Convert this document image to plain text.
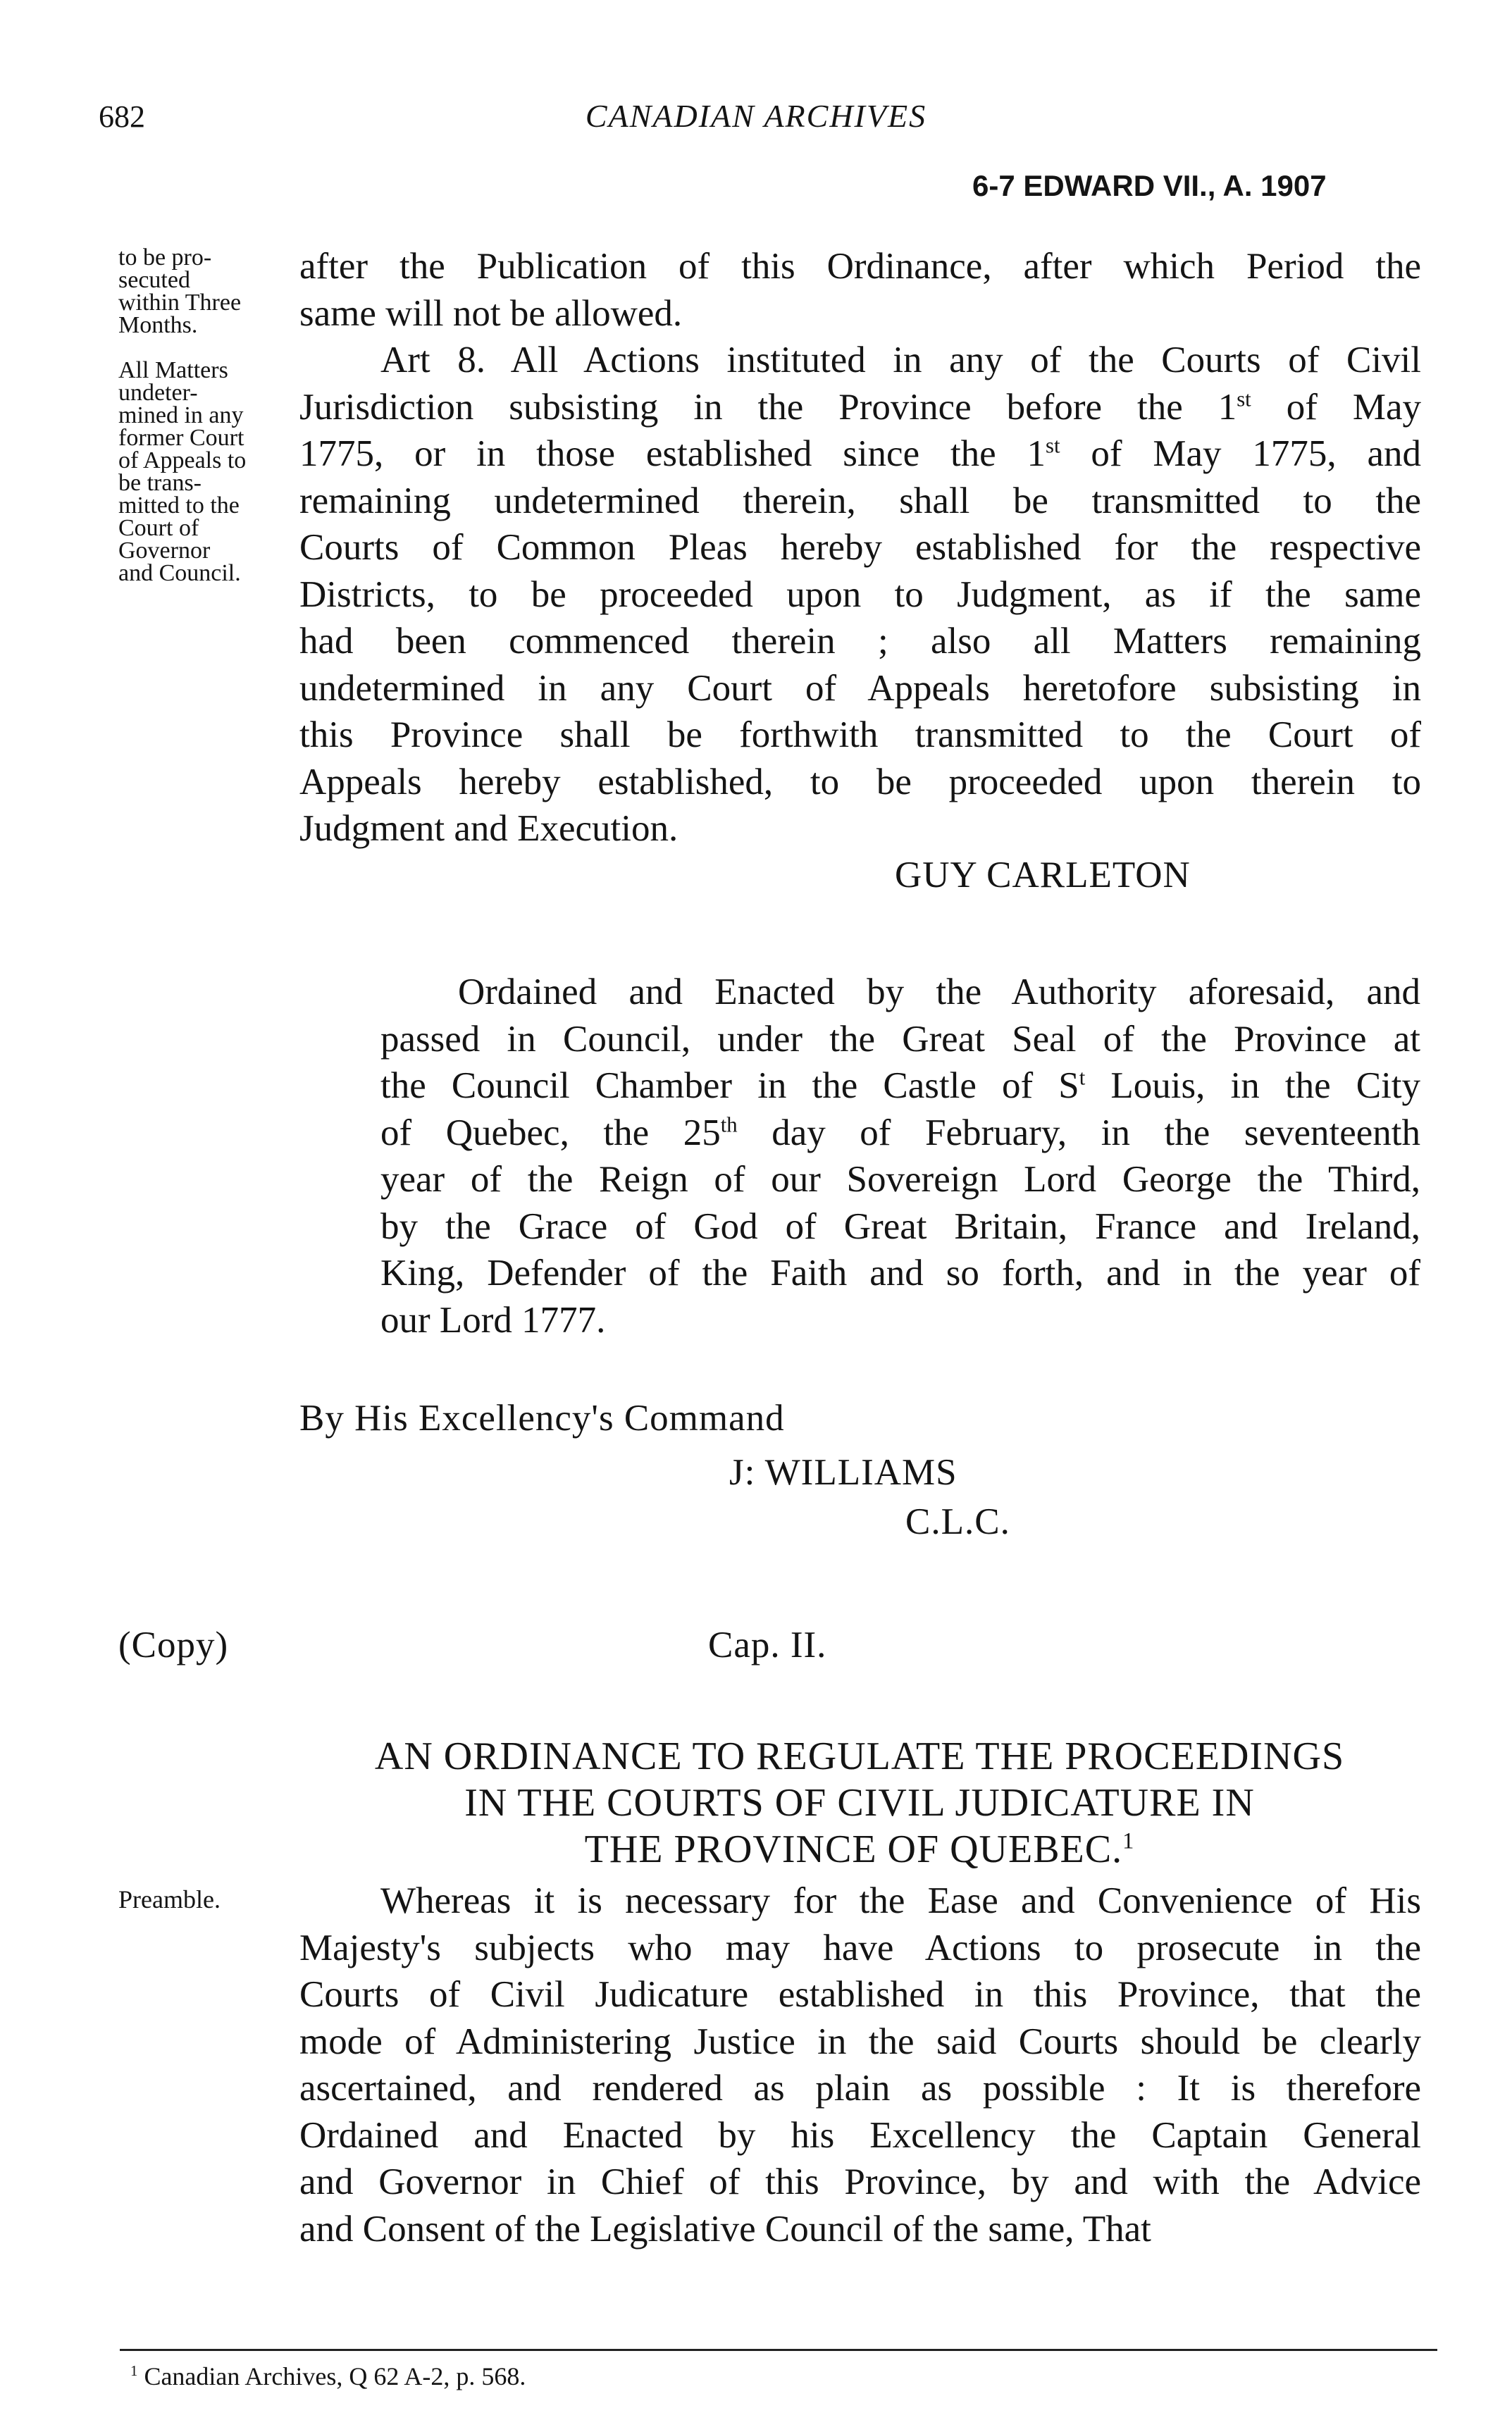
682	CANADIAN ARCHIVES
6-7 EDWARD VII., A. 1907
to be pro-
secuted
within Three
Months.
All Matters
undeter-
mined in any
former Court
of Appeals to
be trans-
mitted to the
Court of
Governor
and Council.
after the Publication of this Ordinance, after which Period the
same will not be allowed.
Art 8. All Actions instituted in any of the Courts of Civil
Jurisdiction subsisting in the Province before the 1st of May
1775, or in those established since the 1st of May 1775, and
remaining undetermined therein, shall be transmitted to the
Courts of Common Pleas hereby established for the respective
Districts, to be proceeded upon to Judgment, as if the same
had been commenced therein ; also all Matters remaining
undetermined in any Court of Appeals heretofore subsisting in
this Province shall be forthwith transmitted to the Court of
Appeals hereby established, to be proceeded upon therein to
Judgment and Execution.
GUY CARLETON
Ordained and Enacted by the Authority aforesaid, and
passed in Council, under the Great Seal of the Province at
the Council Chamber in the Castle of $S^t$ Louis, in the City
of Quebec, the 25th day of February, in the seventeenth
year of the Reign of our Sovereign Lord George the Third,
by the Grace of God of Great Britain, France and Ireland,
King, Defender of the Faith and so forth, and in the year of
our Lord 1777.
By His Excellency's Command
J: WILLIAMS
C.L.C.
(Copy)	Cap. II.
AN ORDINANCE TO REGULATE THE PROCEEDINGS
IN THE COURTS OF CIVIL JUDICATURE IN
THE PROVINCE OF QUEBEC.$^1$
Preamble.	Whereas it is necessary for the Ease and Convenience of His
Majesty's subjects who may have Actions to prosecute in the
Courts of Civil Judicature established in this Province, that the
mode of Administering Justice in the said Courts should be clearly
ascertained, and rendered as plain as possible : It is therefore
Ordained and Enacted by his Excellency the Captain General
and Governor in Chief of this Province, by and with the Advice
and Consent of the Legislative Council of the same, That
$^1$ Canadian Archives, Q 62 A-2, p. 568.
